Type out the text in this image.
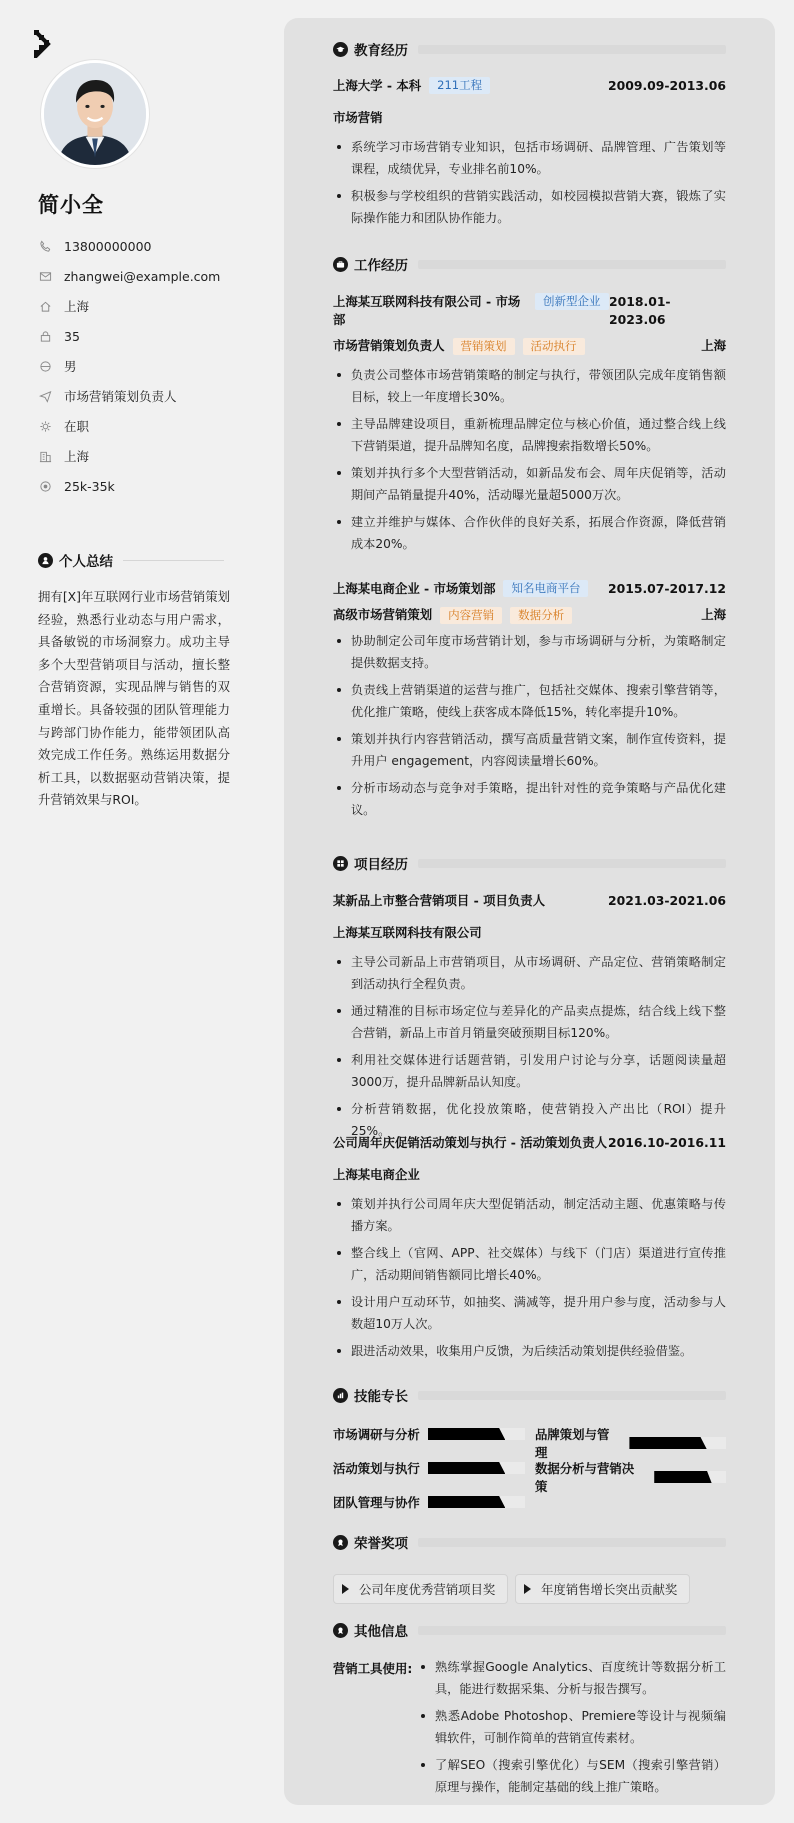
简小全
13800000000
zhangwei@example.com
上海
35
男
市场营销策划负责人
在职
上海
25k-35k
个人总结
拥有[X]年互联网行业市场营销策划经验，熟悉行业动态与用户需求，具备敏锐的市场洞察力。成功主导多个大型营销项目与活动，擅长整合营销资源，实现品牌与销售的双重增长。具备较强的团队管理能力与跨部门协作能力，能带领团队高效完成工作任务。熟练运用数据分析工具，以数据驱动营销决策，提升营销效果与ROI。
教育经历
上海大学 - 本科	211工程	2009.09-2013.06
市场营销
系统学习市场营销专业知识，包括市场调研、品牌管理、广告策划等课程，成绩优异，专业排名前10%。
积极参与学校组织的营销实践活动，如校园模拟营销大赛，锻炼了实际操作能力和团队协作能力。
工作经历
上海某互联网科技有限公司 - 市场部
创新型企业 2018.01-2023.06
市场营销策划负责人	营销策划	活动执行	上海
负责公司整体市场营销策略的制定与执行，带领团队完成年度销售额目标，较上一年度增长30%。
主导品牌建设项目，重新梳理品牌定位与核心价值，通过整合线上线下营销渠道，提升品牌知名度，品牌搜索指数增长50%。
策划并执行多个大型营销活动，如新品发布会、周年庆促销等，活动期间产品销量提升40%，活动曝光量超5000万次。
建立并维护与媒体、合作伙伴的良好关系，拓展合作资源，降低营销成本20%。
上海某电商企业 - 市场策划部	知名电商平台	2015.07-2017.12
高级市场营销策划	内容营销	数据分析	上海
协助制定公司年度市场营销计划，参与市场调研与分析，为策略制定提供数据支持。
负责线上营销渠道的运营与推广，包括社交媒体、搜索引擎营销等，优化推广策略，使线上获客成本降低15%，转化率提升10%。
策划并执行内容营销活动，撰写高质量营销文案，制作宣传资料，提升用户 engagement，内容阅读量增长60%。
分析市场动态与竞争对手策略，提出针对性的竞争策略与产品优化建议。
项目经历
某新品上市整合营销项目 - 项目负责人	2021.03-2021.06
上海某互联网科技有限公司
主导公司新品上市营销项目，从市场调研、产品定位、营销策略制定到活动执行全程负责。
通过精准的目标市场定位与差异化的产品卖点提炼，结合线上线下整合营销，新品上市首月销量突破预期目标120%。
利用社交媒体进行话题营销，引发用户讨论与分享，话题阅读量超3000万，提升品牌新品认知度。
分析营销数据，优化投放策略，使营销投入产出比（ROI）提升25%。
公司周年庆促销活动策划与执行 - 活动策划负责人 2016.10-2016.11
上海某电商企业
策划并执行公司周年庆大型促销活动，制定活动主题、优惠策略与传播方案。
整合线上（官网、APP、社交媒体）与线下（门店）渠道进行宣传推广，活动期间销售额同比增长40%。
设计用户互动环节，如抽奖、满减等，提升用户参与度，活动参与人数超10万人次。
跟进活动效果，收集用户反馈，为后续活动策划提供经验借鉴。
技能专长
市场调研与分析	品牌策划与管理
活动策划与执行	数据分析与营销决策
团队管理与协作
荣誉奖项
公司年度优秀营销项目奖	年度销售增长突出贡献奖
其他信息
营销工具使用:	熟练掌握Google Analytics、百度统计等数据分析工具，能进行数据采集、分析与报告撰写。
熟悉Adobe Photoshop、Premiere等设计与视频编辑软件，可制作简单的营销宣传素材。
了解SEO（搜索引擎优化）与SEM（搜索引擎营销）原理与操作，能制定基础的线上推广策略。
